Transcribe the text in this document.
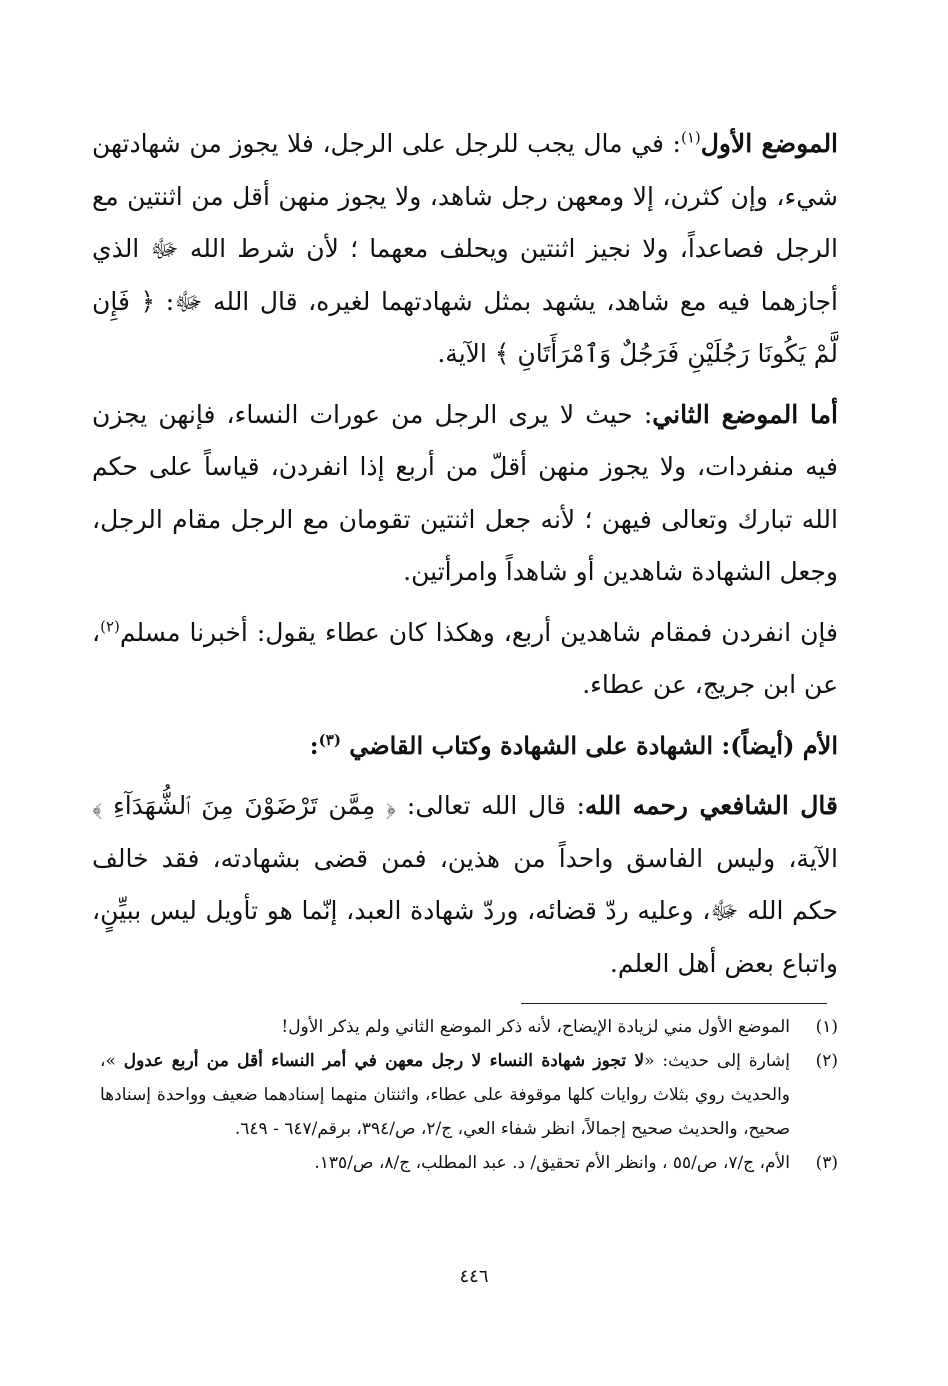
الموضع الأول$^{(١)}$: في مال يجب للرجل على الرجل، فلا يجوز من شهادتهن شيء، وإن كثرن، إلا ومعهن رجل شاهد، ولا يجوز منهن أقل من اثنتين مع الرجل فصاعداً، ولا نجيز اثنتين ويحلف معهما ؛ لأن شرط الله ﷻ الذي أجازهما فيه مع شاهد، يشهد بمثل شهادتهما لغيره، قال الله ﷻ: ﴿ فَإِن لَّمْ يَكُونَا رَجُلَيْنِ فَرَجُلٌ وَٱمْرَأَتَانِ ﴾ الآية.

أما الموضع الثاني: حيث لا يرى الرجل من عورات النساء، فإنهن يجزن فيه منفردات، ولا يجوز منهن أقلّ من أربع إذا انفردن، قياساً على حكم الله تبارك وتعالى فيهن ؛ لأنه جعل اثنتين تقومان مع الرجل مقام الرجل، وجعل الشهادة شاهدين أو شاهداً وامرأتين.

فإن انفردن فمقام شاهدين أربع، وهكذا كان عطاء يقول: أخبرنا مسلم$^{(٢)}$، عن ابن جريج، عن عطاء.

الأم (أيضاً): الشهادة على الشهادة وكتاب القاضي $^{(٣)}$:

قال الشافعي رحمه الله: قال الله تعالى: ﴿ مِمَّن تَرْضَوْنَ مِنَ ٱلشُّهَدَآءِ ﴾ الآية، وليس الفاسق واحداً من هذين، فمن قضى بشهادته، فقد خالف حكم الله ﷻ، وعليه ردّ قضائه، وردّ شهادة العبد، إنّما هو تأويل ليس ببيِّنٍ، واتباع بعض أهل العلم.

(١)
الموضع الأول مني لزيادة الإيضاح، لأنه ذكر الموضع الثاني ولم يذكر الأول!
(٢)
إشارة إلى حديث: «لا تجوز شهادة النساء لا رجل معهن في أمر النساء أقل من أربع عدول »، والحديث روي بثلاث روايات كلها موقوفة على عطاء، واثنتان منهما إسنادهما ضعيف وواحدة إسنادها صحيح، والحديث صحيح إجمالاً، انظر شفاء العي، ج/٢، ص/٣٩٤، برقم/٦٤٧ - ٦٤٩.
(٣)
الأم، ج/٧، ص/٥٥ ، وانظر الأم تحقيق/ د. عبد المطلب، ج/٨، ص/١٣٥.
٤٤٦
